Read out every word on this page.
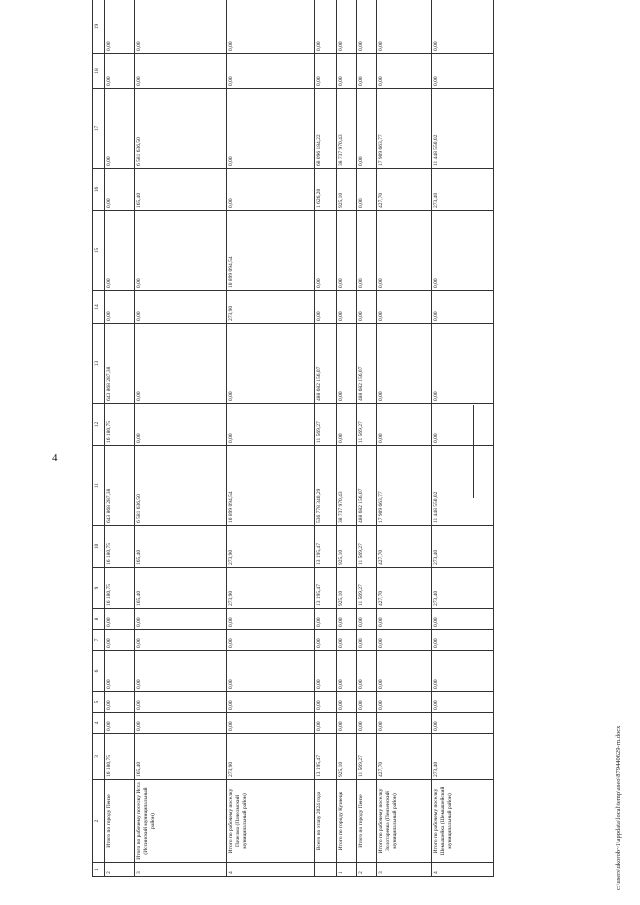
4
1	2	3	4	5	6	7	8	9	10	11	12	13	14	15	16	17	18	19
2	Итого по городу Пензе	16 180,75	0,00	0,00	0,00	0,00	0,00	16 180,75	16 180,75	643 868 287,38	16 180,75	643 868 287,38	0,00	0,00	0,00	0,00	0,00	0,00
3	Итого по рабочему поселку Исса (Иссинский муниципальный район)	165,40	0,00	0,00	0,00	0,00	0,00	165,40	165,40	6 581 636,50	0,00	0,00	0,00	0,00	165,40	6 581 636,50	0,00	0,00
4	Итого по рабочему поселку Пачелма (Пачелмский муниципальный район)	273,90	0,00	0,00	0,00	0,00	0,00	273,90	273,90	10 899 094,54	0,00	0,00	273,90	10 899 094,54	0,00	0,00	0,00	0,00
	Всего по этапу 2024 года	13 195,47	0,00	0,00	0,00	0,00	0,00	13 195,47	13 195,47	536 778 340,29	11 569,27	488 682 156,07	0,00	0,00	1 626,20	68 096 184,22	0,00	0,00
1	Итого по городу Кузнецк	925,10	0,00	0,00	0,00	0,00	0,00	925,10	925,10	38 737 970,43	0,00	0,00	0,00	0,00	925,10	38 737 970,43	0,00	0,00
2	Итого по городу Пензе	11 569,27	0,00	0,00	0,00	0,00	0,00	11 569,27	11 569,27	488 682 156,07	11 569,27	488 682 156,07	0,00	0,00	0,00	0,00	0,00	0,00
3	Итого по рабочему поселку Золотаревка (Пензенский муниципальный район)	427,70	0,00	0,00	0,00	0,00	0,00	427,70	427,70	17 909 663,77	0,00	0,00	0,00	0,00	427,70	17 909 663,77	0,00	0,00
4	Итого по рабочему поселку Шемышейка (Шемышейский муниципальный район)	273,40	0,00	0,00	0,00	0,00	0,00	273,40	273,40	11 448 550,02	0,00	0,00	0,00	0,00	273,40	11 448 550,02	0,00	0,00
c:\users\ukorob~1\appdata\local\temp\aseo\879440629-rn.docx
